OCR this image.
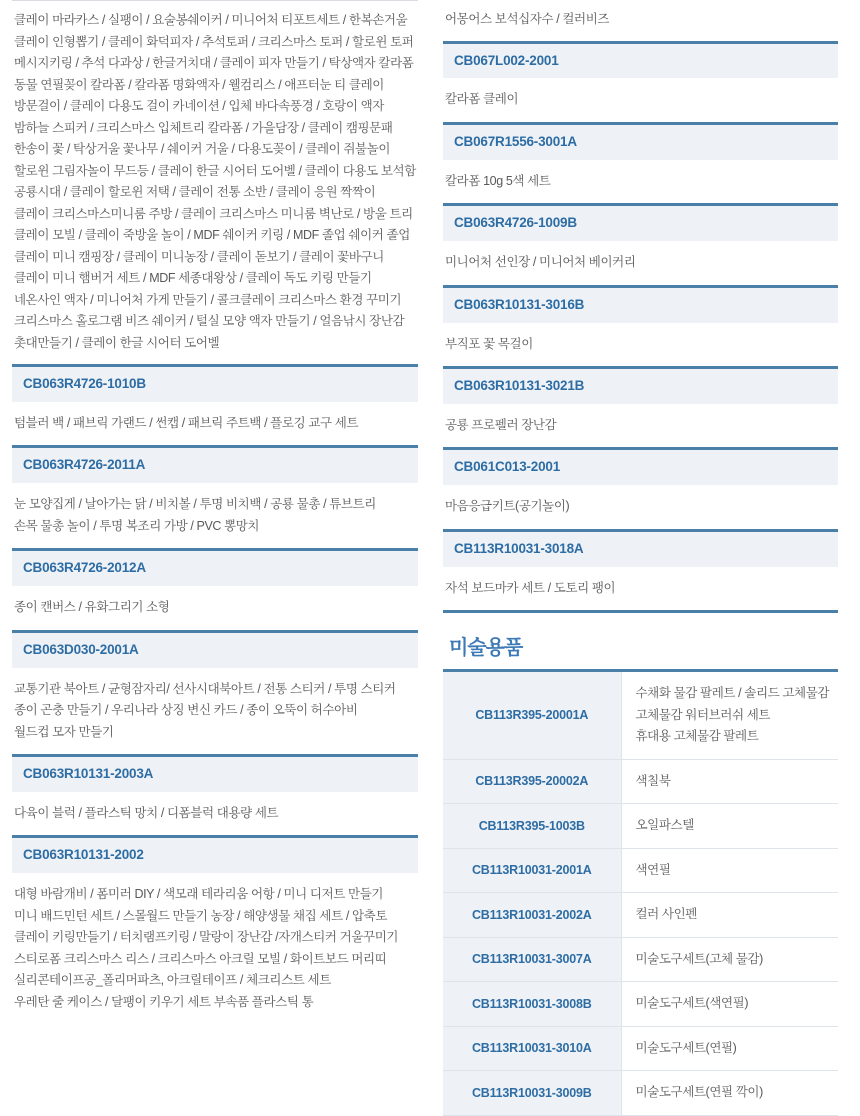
클레이 마라카스 / 실팽이 / 요술봉쉐이커 / 미니어처 티포트세트 / 한복손거울
클레이 인형뽑기 / 클레이 화덕피자 / 추석토퍼 / 크리스마스 토퍼 / 할로윈 토퍼
메시지키링 / 추석 다과상 / 한글거치대 / 클레이 피자 만들기 / 탁상액자 칼라폼
동물 연필꽂이 칼라폼 / 칼라폼 명화액자 / 웰컴리스 / 애프터눈 티 클레이
방문걸이 / 클레이 다용도 걸이 카네이션 / 입체 바다속풍경 / 호랑이 액자
밤하늘 스피커 / 크리스마스 입체트리 칼라폼 / 가을담장 / 클레이 캠핑문패
한송이 꽃 / 탁상거울 꽃나무 / 쉐이커 거울 / 다용도꽂이 / 클레이 쥐불놀이
할로윈 그림자놀이 무드등 / 클레이 한글 시어터 도어벨 / 클레이 다용도 보석함
공룡시대 / 클레이 할로윈 저택 / 클레이 전통 소반 / 클레이 응원 짝짝이
클레이 크리스마스미니룸 주방 / 클레이 크리스마스 미니룸 벽난로 / 방울 트리
클레이 모빌 / 클레이 죽방울 놀이 / MDF 쉐이커 키링 / MDF 졸업 쉐이커 졸업
클레이 미니 캠핑장 / 클레이 미니농장 / 클레이 돋보기 / 클레이 꽃바구니
클레이 미니 햄버거 세트 / MDF 세종대왕상 / 클레이 독도 키링 만들기
네온사인 액자 / 미니어처 가게 만들기 / 콜크클레이 크리스마스 환경 꾸미기
크리스마스 홀로그램 비즈 쉐이커 / 털실 모양 액자 만들기 / 얼음낚시 장난감
촛대만들기 / 클레이 한글 시어터 도어벨
CB063R4726-1010B
텀블러 백 / 패브릭 가랜드 / 썬캡 / 패브릭 주트백 / 플로깅 교구 세트
CB063R4726-2011A
눈 모양집게 / 날아가는 닭 / 비치볼 / 투명 비치백 / 공룡 물총 / 튜브트리
손목 물총 놀이 / 투명 복조리 가방 / PVC 뽕망치
CB063R4726-2012A
종이 캔버스 / 유화그리기 소형
CB063D030-2001A
교통기관 북아트 / 균형잠자리/ 선사시대북아트 / 전통 스티커 / 투명 스티커
종이 곤충 만들기 / 우리나라 상징 변신 카드 / 종이 오뚝이 허수아비
월드컵 모자 만들기
CB063R10131-2003A
다육이 블럭 / 플라스틱 망치 / 디폼블럭 대용량 세트
CB063R10131-2002
대형 바람개비 / 폼미러 DIY / 색모래 테라리움 어항 / 미니 디저트 만들기
미니 배드민턴 세트 / 스몰월드 만들기 농장 / 해양생물 채집 세트 / 압축토
클레이 키링만들기 / 터치램프키링 / 말랑이 장난감 /자개스티커 거울꾸미기
스티로폼 크리스마스 리스 / 크리스마스 아크릴 모빌 / 화이트보드 머리띠
실리콘테이프공_폴리머파츠, 아크릴테이프 / 체크리스트 세트
우레탄 줄 케이스 / 달팽이 키우기 세트 부속품 플라스틱 통
어몽어스 보석십자수 / 컬러비즈
CB067L002-2001
칼라폼 클레이
CB067R1556-3001A
칼라폼 10g 5색 세트
CB063R4726-1009B
미니어처 선인장 / 미니어처 베이커리
CB063R10131-3016B
부직포 꽃 목걸이
CB063R10131-3021B
공룡 프로펠러 장난감
CB061C013-2001
마음응급키트(공기놀이)
CB113R10031-3018A
자석 보드마카 세트 / 도토리 팽이
미술용품
CB113R395-20001A	수채화 물감 팔레트 / 솔리드 고체물감
고체물감 워터브러쉬 세트
휴대용 고체물감 팔레트

CB113R395-20002A	색칠북

CB113R395-1003B	오일파스텔

CB113R10031-2001A	색연필

CB113R10031-2002A	컬러 사인펜

CB113R10031-3007A	미술도구세트(고체 물감)

CB113R10031-3008B	미술도구세트(색연필)

CB113R10031-3010A	미술도구세트(연필)

CB113R10031-3009B	미술도구세트(연필 깍이)
